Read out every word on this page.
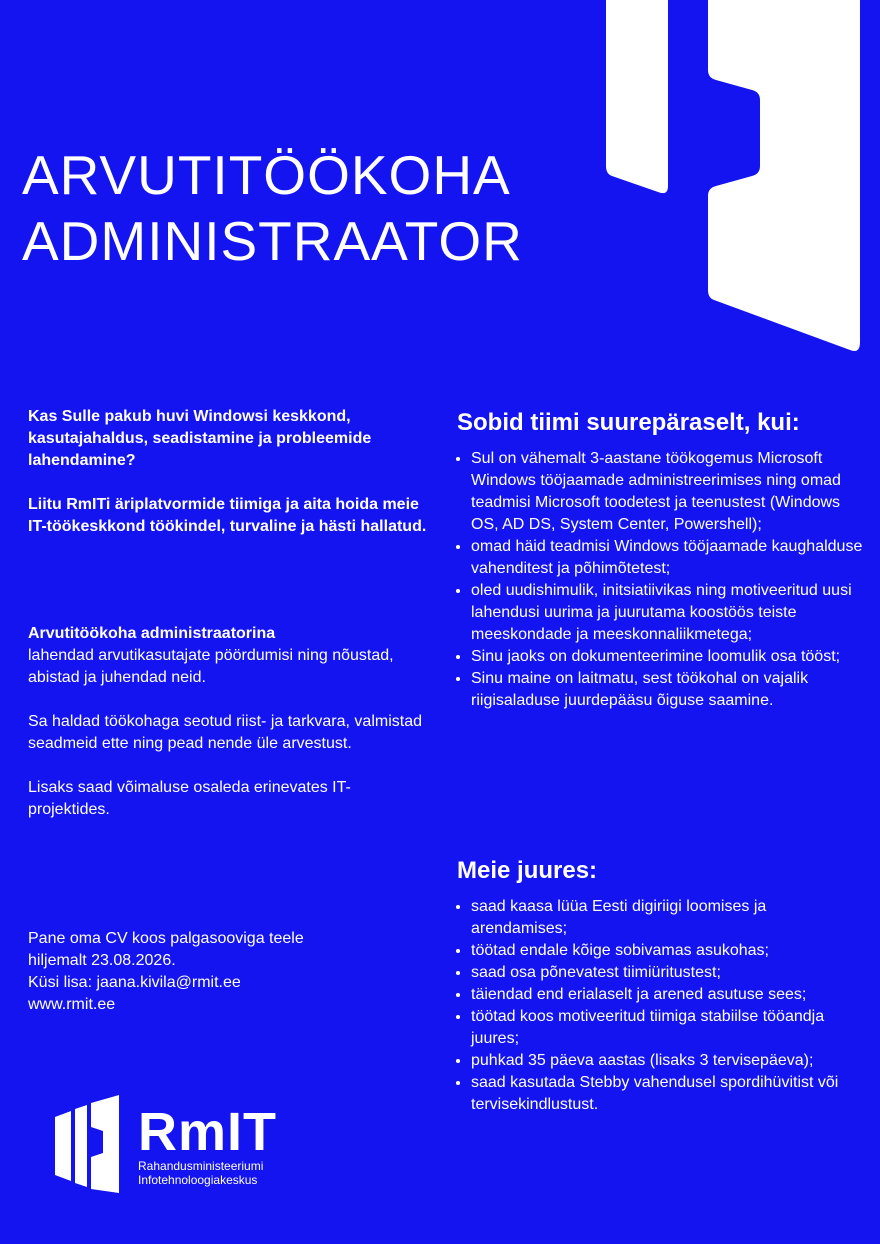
ARVUTITÖÖKOHA
ADMINISTRAATOR

Kas Sulle pakub huvi Windowsi keskkond, kasutajahaldus, seadistamine ja probleemide lahendamine?

Liitu RmITi äriplatvormide tiimiga ja aita hoida meie IT-töökeskkond töökindel, turvaline ja hästi hallatud.

Arvutitöökoha administraatorina
lahendad arvutikasutajate pöördumisi ning nõustad, abistad ja juhendad neid.

Sa haldad töökohaga seotud riist- ja tarkvara, valmistad seadmeid ette ning pead nende üle arvestust.

Lisaks saad võimaluse osaleda erinevates IT- projektides.

Pane oma CV koos palgasooviga teele

hiljemalt 23.08.2026.

Küsi lisa: jaana.kivila@rmit.ee

www.rmit.ee

Sobid tiimi suurepäraselt, kui:
• Sul on vähemalt 3-aastane töökogemus Microsoft Windows tööjaamade administreerimises ning omad teadmisi Microsoft toodetest ja teenustest (Windows OS, AD DS, System Center, Powershell);
• omad häid teadmisi Windows tööjaamade kaughalduse vahenditest ja põhimõtetest;
• oled uudishimulik, initsiatiivikas ning motiveeritud uusi lahendusi uurima ja juurutama koostöös teiste meeskondade ja meeskonnaliikmetega;
• Sinu jaoks on dokumenteerimine loomulik osa tööst;
• Sinu maine on laitmatu, sest töökohal on vajalik riigisaladuse juurdepääsu õiguse saamine.
Meie juures:
• saad kaasa lüüa Eesti digiriigi loomises ja arendamises;
• töötad endale kõige sobivamas asukohas;
• saad osa põnevatest tiimiüritustest;
• täiendad end erialaselt ja arened asutuse sees;
• töötad koos motiveeritud tiimiga stabiilse tööandja juures;
• puhkad 35 päeva aastas (lisaks 3 tervisepäeva);
• saad kasutada Stebby vahendusel spordihüvitist või tervisekindlustust.
RmIT
Rahandusministeeriumi
Infotehnoloogiakeskus
